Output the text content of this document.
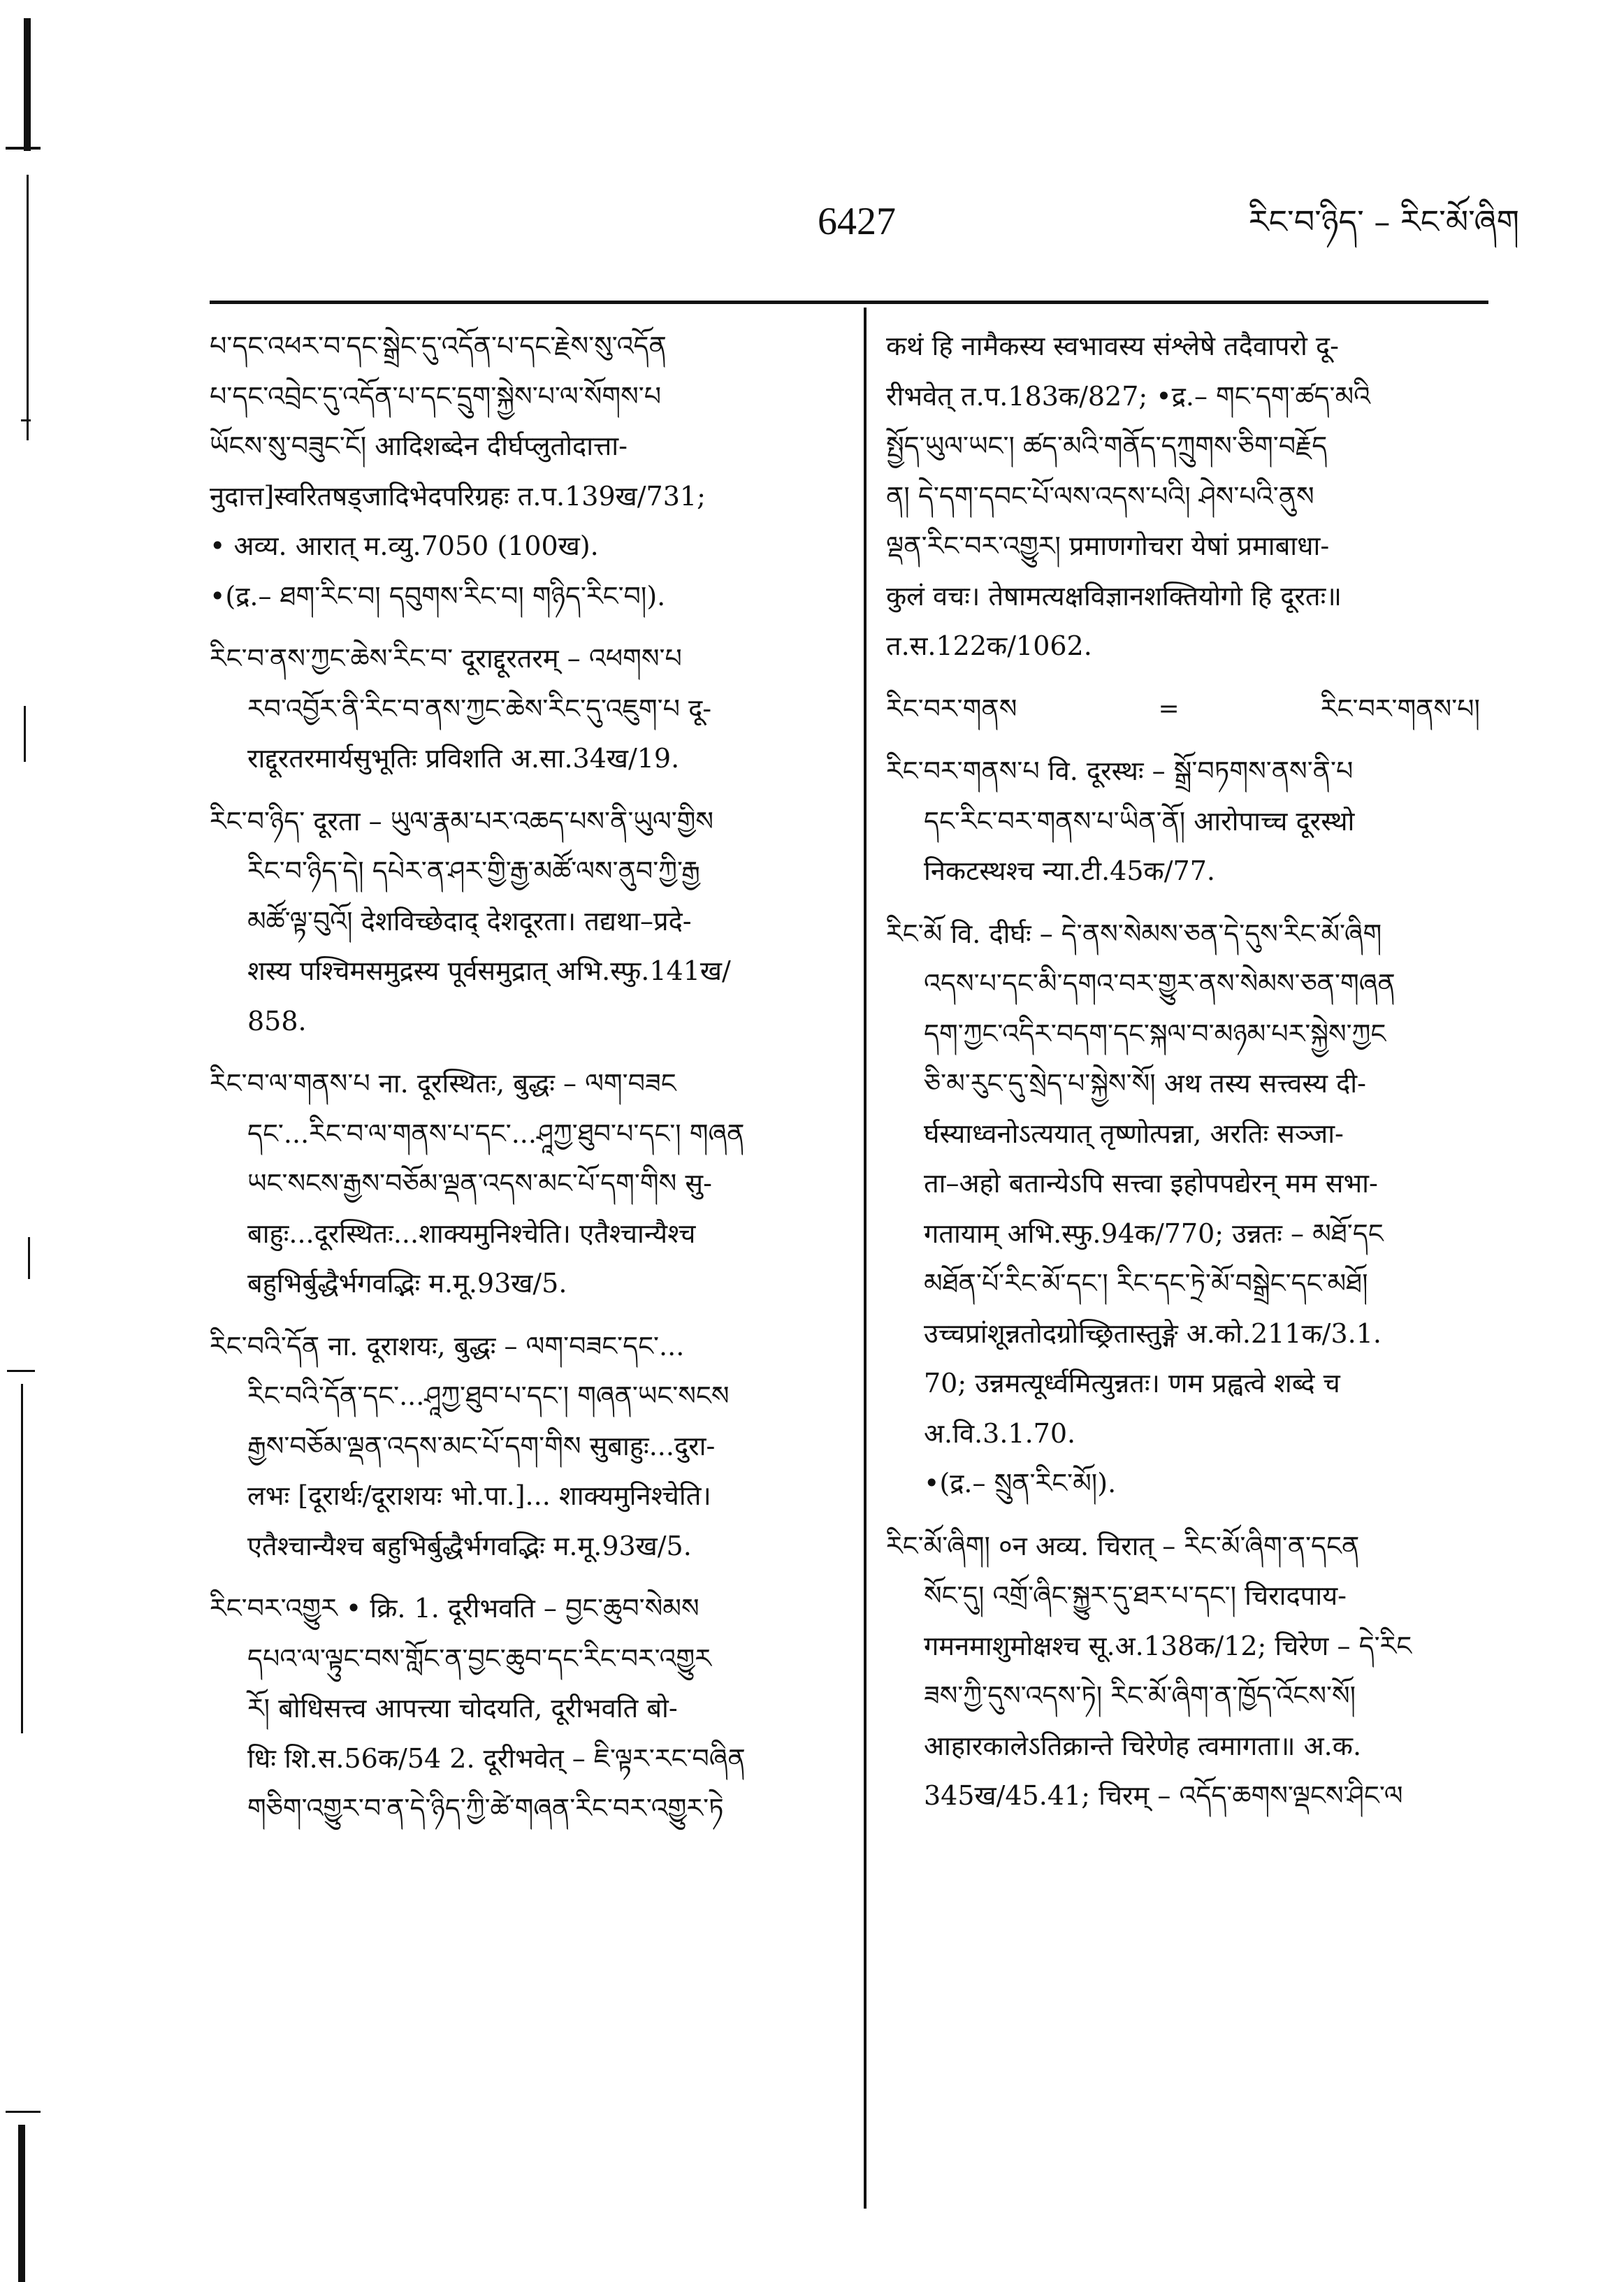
6427	རིང་བ་ཉིད་ – རིང་མོ་ཞིག
པ་དང་འཕར་བ་དང་སྒྲེང་དུ་འདོན་པ་དང་རྗེས་སུ་འདོན
པ་དང་འབྲེང་དུ་འདོན་པ་དང་དྲུག་སྐྱེས་པ་ལ་སོགས་པ
ཡོངས་སུ་བཟུང་ངོ། आदिशब्देन दीर्घप्लुतोदात्ता-
नुदात्त]स्वरितषड्जादिभेदपरिग्रहः त.प.139ख/731;
• अव्य. आरात् म.व्यु.7050 (100ख).
•(द्र.– ཐག་རིང་བ། དབུགས་རིང་བ། གཉིད་རིང་བ།).
རིང་བ་ནས་ཀྱང་ཆེས་རིང་བ་ दूराद्दूरतरम् – འཕགས་པ
རབ་འབྱོར་ནི་རིང་བ་ནས་ཀྱང་ཆེས་རིང་དུ་འཇུག་པ दू-
राद्दूरतरमार्यसुभूतिः प्रविशति अ.सा.34ख/19.
རིང་བ་ཉིད་ दूरता – ཡུལ་རྣམ་པར་འཆད་པས་ནི་ཡུལ་གྱིས
རིང་བ་ཉིད་དེ། དཔེར་ན་ཤར་གྱི་རྒྱ་མཚོ་ལས་ནུབ་ཀྱི་རྒྱ
མཚོ་ལྟ་བུའོ། देशविच्छेदाद् देशदूरता। तद्यथा–प्रदे-
शस्य पश्चिमसमुद्रस्य पूर्वसमुद्रात् अभि.स्फु.141ख/
858.
རིང་བ་ལ་གནས་པ ना. दूरस्थितः, बुद्धः – ལག་བཟང
དང་...རིང་བ་ལ་གནས་པ་དང་...ཤཱཀྱ་ཐུབ་པ་དང་། གཞན
ཡང་སངས་རྒྱས་བཅོམ་ལྡན་འདས་མང་པོ་དག་གིས सु-
बाहुः...दूरस्थितः...शाक्यमुनिश्चेति। एतैश्चान्यैश्च
बहुभिर्बुद्धैर्भगवद्भिः म.मू.93ख/5.
རིང་བའི་དོན ना. दूराशयः, बुद्धः – ལག་བཟང་དང་...
རིང་བའི་དོན་དང་...ཤཱཀྱ་ཐུབ་པ་དང་། གཞན་ཡང་སངས
རྒྱས་བཅོམ་ལྡན་འདས་མང་པོ་དག་གིས सुबाहुः...दुरा-
लभः [दूरार्थः/दूराशयः भो.पा.]... शाक्यमुनिश्चेति।
एतैश्चान्यैश्च बहुभिर्बुद्धैर्भगवद्भिः म.मू.93ख/5.
རིང་བར་འགྱུར • क्रि. 1. दूरीभवति – བྱང་ཆུབ་སེམས
དཔའ་ལ་ལྟུང་བས་གློང་ན་བྱང་ཆུབ་དང་རིང་བར་འགྱུར
རོ། बोधिसत्त्व आपत्त्या चोदयति, दूरीभवति बो-
धिः शि.स.56क/54 2. दूरीभवेत् – ཇི་ལྟར་རང་བཞིན
གཅིག་འགྱུར་བ་ན་དེ་ཉིད་ཀྱི་ཚེ་གཞན་རིང་བར་འགྱུར་ཏེ
कथं हि नामैकस्य स्वभावस्य संश्लेषे तदैवापरो दू-
रीभवेत् त.प.183क/827; •द्र.– གང་དག་ཚད་མའི
སྤྱོད་ཡུལ་ཡང་། ཚད་མའི་གནོད་དཀྲུགས་ཅིག་བརྗོད
ན། དེ་དག་དབང་པོ་ལས་འདས་པའི། ཤེས་པའི་ནུས
ལྡན་རིང་བར་འགྱུར། प्रमाणगोचरा येषां प्रमाबाधा-
कुलं वचः। तेषामत्यक्षविज्ञानशक्तियोगो हि दूरतः॥
त.स.122क/1062.
རིང་བར་གནས	=	རིང་བར་གནས་པ།
རིང་བར་གནས་པ वि. दूरस्थः – སྒྲོ་བཏགས་ནས་ནི་པ
དང་རིང་བར་གནས་པ་ཡིན་ནོ། आरोपाच्च दूरस्थो
निकटस्थश्च न्या.टी.45क/77.
རིང་མོ वि. दीर्घः – དེ་ནས་སེམས་ཅན་དེ་དུས་རིང་མོ་ཞིག
འདས་པ་དང་མི་དགའ་བར་གྱུར་ནས་སེམས་ཅན་གཞན
དག་ཀྱང་འདིར་བདག་དང་སྐལ་བ་མཉམ་པར་སྐྱེས་ཀྱང
ཅི་མ་རུང་དུ་སྲེད་པ་སྐྱེས་སོ། अथ तस्य सत्त्वस्य दी-
र्घस्याध्वनोऽत्ययात् तृष्णोत्पन्ना, अरतिः सञ्जा-
ता–अहो बतान्येऽपि सत्त्वा इहोपपद्येरन् मम सभा-
गतायाम् अभि.स्फु.94क/770; उन्नतः – མཐོ་དང
མཐོན་པོ་རིང་མོ་དང་། རིང་དང་ཏྲེ་མོ་བསྒྲེང་དང་མཐོ།
उच्चप्रांशून्नतोदग्रोच्छ्रितास्तुङ्गे अ.को.211क/3.1.
70; उन्नमत्यूर्ध्वमित्युन्नतः। णम प्रह्वत्वे शब्दे च
अ.वि.3.1.70.
•(द्र.– སྲུན་རིང་མོ།).
རིང་མོ་ཞིག། ०न अव्य. चिरात् – རིང་མོ་ཞིག་ན་དངན
སོང་དུ། འགྲོ་ཞིང་སྐྱུར་དུ་ཐར་པ་དང་། चिरादपाय-
गमनमाशुमोक्षश्च सू.अ.138क/12; चिरेण – དེ་རིང
ཟས་ཀྱི་དུས་འདས་ཏེ། རིང་མོ་ཞིག་ན་ཁྱོད་འོངས་སོ།
आहारकालेऽतिक्रान्ते चिरेणेह त्वमागता॥ अ.क.
345ख/45.41; चिरम् – འདོད་ཆགས་ལྡངས་ཤིང་ལ
